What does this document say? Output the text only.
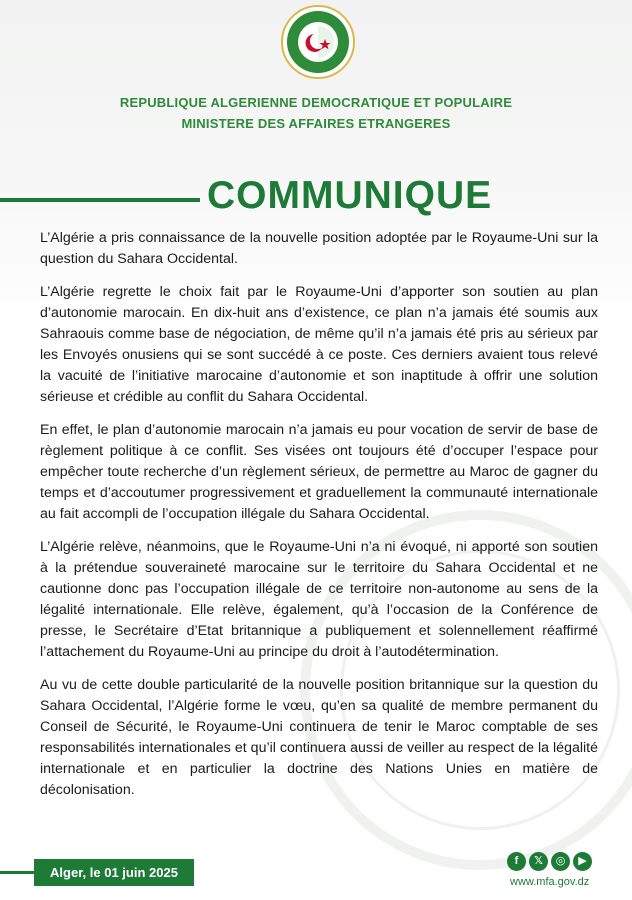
REPUBLIQUE ALGERIENNE DEMOCRATIQUE ET POPULAIRE
MINISTERE DES AFFAIRES ETRANGERES
COMMUNIQUE

L’Algérie a pris connaissance de la nouvelle position adoptée par le Royaume-Uni sur la question du Sahara Occidental.

L’Algérie regrette le choix fait par le Royaume-Uni d’apporter son soutien au plan d’autonomie marocain. En dix-huit ans d’existence, ce plan n’a jamais été soumis aux Sahraouis comme base de négociation, de même qu’il n’a jamais été pris au sérieux par les Envoyés onusiens qui se sont succédé à ce poste. Ces derniers avaient tous relevé la vacuité de l’initiative marocaine d’autonomie et son inaptitude à offrir une solution sérieuse et crédible au conflit du Sahara Occidental.

En effet, le plan d’autonomie marocain n’a jamais eu pour vocation de servir de base de règlement politique à ce conflit. Ses visées ont toujours été d’occuper l’espace pour empêcher toute recherche d’un règlement sérieux, de permettre au Maroc de gagner du temps et d’accoutumer progressivement et graduellement la communauté internationale au fait accompli de l’occupation illégale du Sahara Occidental.

L’Algérie relève, néanmoins, que le Royaume-Uni n’a ni évoqué, ni apporté son soutien à la prétendue souveraineté marocaine sur le territoire du Sahara Occidental et ne cautionne donc pas l’occupation illégale de ce territoire non-autonome au sens de la légalité internationale. Elle relève, également, qu’à l’occasion de la Conférence de presse, le Secrétaire d’Etat britannique a publiquement et solennellement réaffirmé l’attachement du Royaume-Uni au principe du droit à l’autodétermination.

Au vu de cette double particularité de la nouvelle position britannique sur la question du Sahara Occidental, l’Algérie forme le vœu, qu’en sa qualité de membre permanent du Conseil de Sécurité, le Royaume-Uni continuera de tenir le Maroc comptable de ses responsabilités internationales et qu’il continuera aussi de veiller au respect de la légalité internationale et en particulier la doctrine des Nations Unies en matière de décolonisation.

Alger, le 01 juin 2025
f 𝕏 ◎ ▶
www.mfa.gov.dz
